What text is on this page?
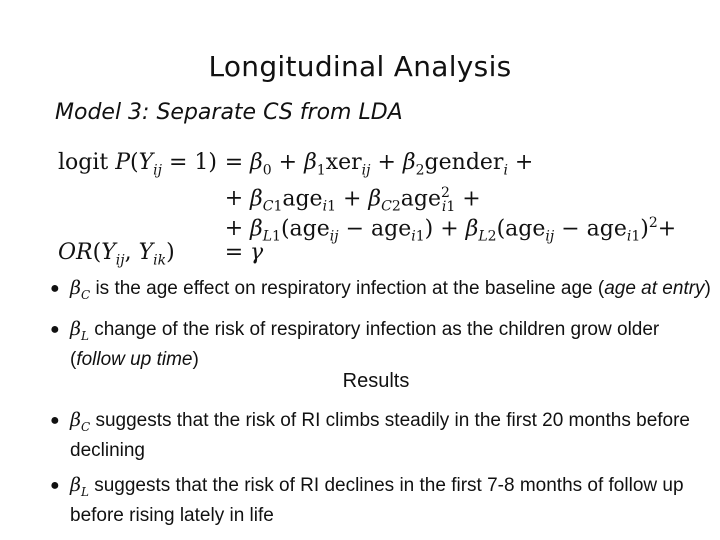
Longitudinal Analysis
Model 3: Separate CS from LDA
logit $P(Y_{ij} = 1) = \beta_0 + \beta_1xer_{ij}$ + $\beta_2gender_i$ +
+ $\beta_{C1}age_{i1} + \beta_{C2}age^2_{i1}$ +
+ $\beta_{L1}(age_{ij} - age_{i1}) + \beta_{L2}(age_{ij} - age_{i1})^2+$
$OR(Y_{ij}$, $Y_{ik}$)	= γ
● $\beta_C$ is the age effect on respiratory infection at the baseline age (age at entry)
● $\beta_L$ change of the risk of respiratory infection as the children grow older (follow up time)
Results
● $\beta_C$ suggests that the risk of RI climbs steadily in the first 20 months before declining
● $\beta_L$ suggests that the risk of RI declines in the first 7-8 months of follow up before rising lately in life
